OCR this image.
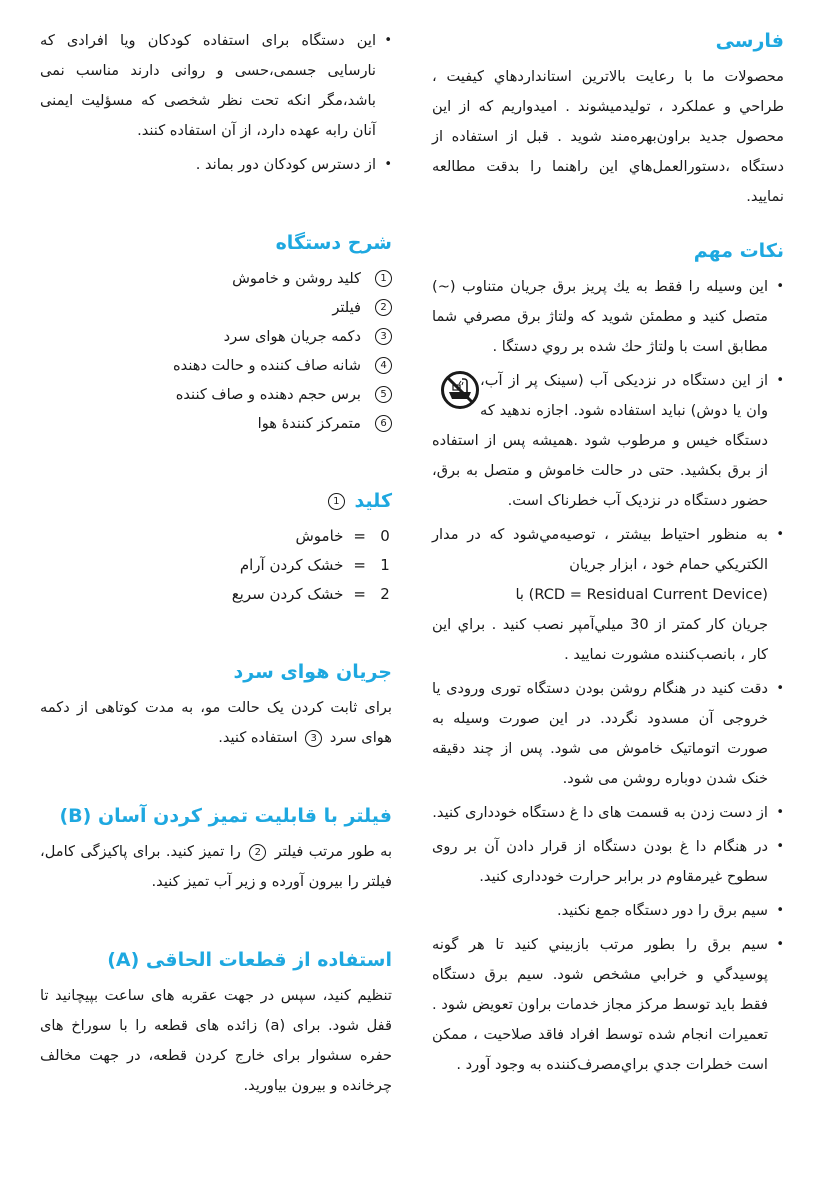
فارسی

محصولات ما با رعايت بالاترين استانداردهاي كيفيت ، طراحي و عملكرد ، توليدميشوند . اميدواريم كه از اين محصول جديد براون‌بهره‌مند شويد . قبل از استفاده از دستگاه ،دستورالعمل‌هاي اين راهنما را بدقت مطالعه نماييد.

نكات مهم
• اين وسيله را فقط به يك پريز برق جريان متناوب (~) متصل كنيد و مطمئن شويد كه ولتاژ برق مصرفي شما مطابق است با ولتاژ حك شده بر روي دستگا .
• از این دستگاه در نزدیکی آب (سینک پر از آب، وان یا دوش) نباید استفاده شود. اجازه ندهید که دستگاه خیس و مرطوب شود .همیشه پس از استفاده از برق بکشید. حتی در حالت خاموش و متصل به برق، حضور دستگاه در نزدیک آب خطرناک است.
• به منظور احتياط بيشتر ، توصيه‌مي‌شود كه در مدار الكتريكي حمام خود ، ابزار جريان
با (RCD = Residual Current Device)
جريان كار كمتر از 30 ميلي‌آمپر نصب كنيد . براي اين كار ، بانصب‌كننده مشورت نماييد .
• دقت کنید در هنگام روشن بودن دستگاه توری ورودی یا خروجی آن مسدود نگردد. در این صورت وسیله به صورت اتوماتیک خاموش می شود. پس از چند دقیقه خنک شدن دوباره روشن می شود.
• از دست زدن به قسمت های دا غ دستگاه خودداری کنید.
• در هنگام دا غ بودن دستگاه از قرار دادن آن بر روی سطوح غیرمقاوم در برابر حرارت خودداری کنید.
• سیم برق را دور دستگاه جمع نکنید.
• سيم برق را بطور مرتب بازبيني كنيد تا هر گونه پوسيدگي و خرابي مشخص شود. سیم برق دستگاه فقط باید توسط مرکز مجاز خدمات براون تعویض شود . تعميرات انجام شده توسط افراد فاقد صلاحيت ، ممكن است خطرات جدي براي‌مصرف‌كننده به وجود آورد .
• این دستگاه برای استفاده کودکان ویا افرادی که نارسایی جسمی،حسی و روانی دارند مناسب نمی باشد،مگر انکه تحت نظر شخصی که مسؤلیت ایمنی آنان رابه عهده دارد، از آن استفاده کنند.
• از دسترس کودکان دور بماند .
شرح دستگاه
1
کلید روشن و خاموش
2
فیلتر
3
دکمه جریان هوای سرد
4
شانه صاف کننده و حالت دهنده
5
برس حجم دهنده و صاف کننده
6
متمرکز کنندهٔ هوا
کلید 1
0=خاموش
1=خشک کردن آرام
2=خشک کردن سریع
جریان هوای سرد

برای ثابت کردن یک حالت مو، به مدت کوتاهی از دکمه هوای سرد 3 استفاده کنید.

فیلتر با قابلیت تمیز کردن آسان (B)

به طور مرتب فیلتر 2 را تمیز کنید. برای پاکیزگی کامل، فیلتر را بیرون آورده و زیر آب تمیز کنید.

استفاده از قطعات الحاقی (A)

تنظیم کنید، سپس در جهت عقربه های ساعت بپیچانید تا قفل شود. برای (a) زائده های قطعه را با سوراخ های حفره سشوار برای خارج کردن قطعه، در جهت مخالف چرخانده و بیرون بیاورید.
